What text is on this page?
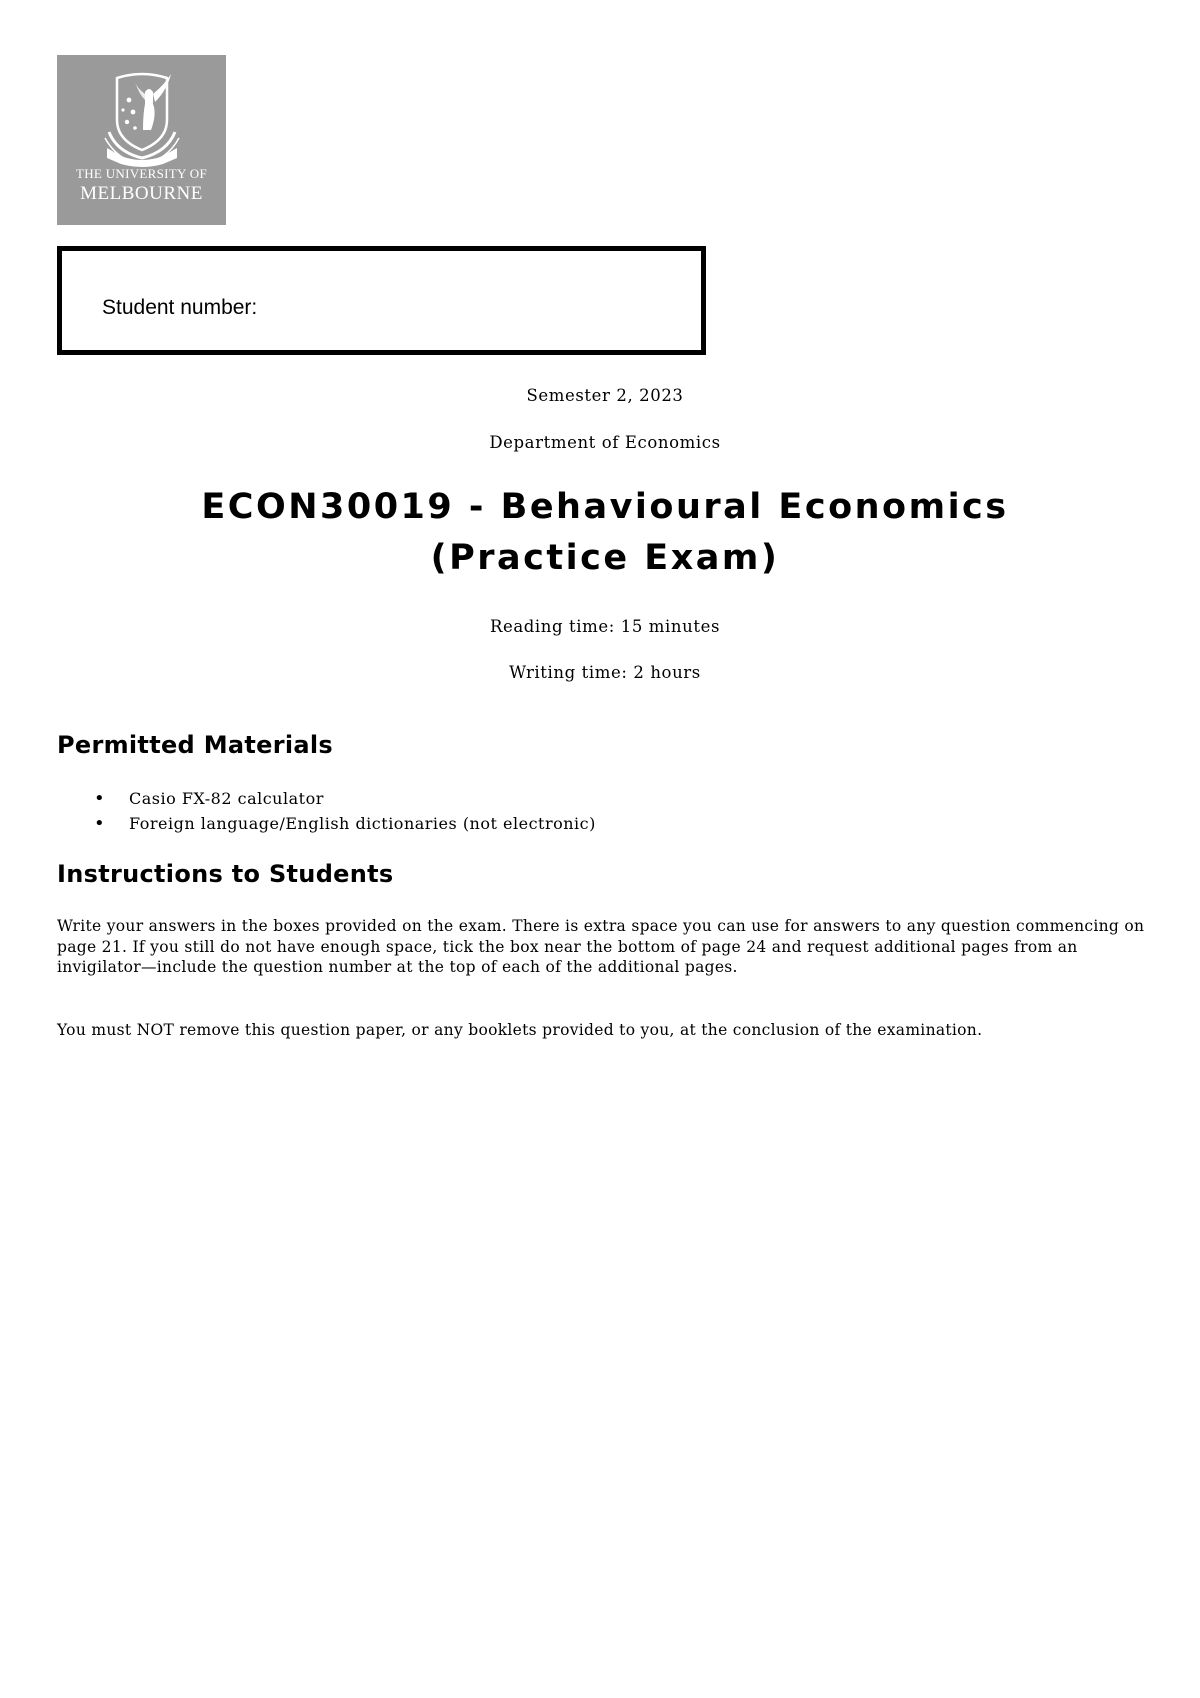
THE UNIVERSITY OF
MELBOURNE
Student number:
Semester 2, 2023
Department of Economics
ECON30019 - Behavioural Economics
(Practice Exam)
Reading time: 15 minutes
Writing time: 2 hours
Permitted Materials
• Casio FX-82 calculator
• Foreign language/English dictionaries (not electronic)
Instructions to Students

Write your answers in the boxes provided on the exam. There is extra space you can use for answers to any question commencing on page 21. If you still do not have enough space, tick the box near the bottom of page 24 and request additional pages from an invigilator—include the question number at the top of each of the additional pages.

You must NOT remove this question paper, or any booklets provided to you, at the conclusion of the examination.
